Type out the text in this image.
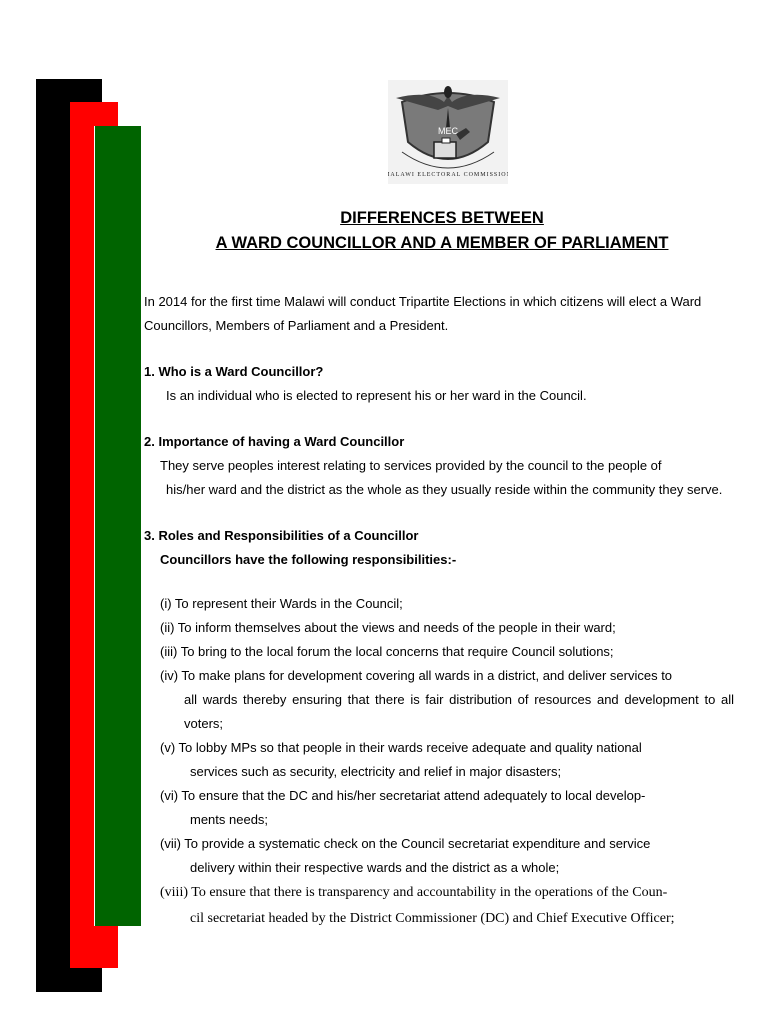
MEC
MALAWI ELECTORAL COMMISSION
DIFFERENCES BETWEEN
A WARD COUNCILLOR AND A MEMBER OF PARLIAMENT

In 2014 for the first time Malawi will conduct Tripartite Elections in which citizens will elect a Ward Councillors, Members of Parliament and a President.

1. Who is a Ward Councillor?
Is an individual who is elected to represent his or her ward in the Council.
2. Importance of having a Ward Councillor
They serve peoples interest relating to services provided by the council to the people of
his/her ward and the district as the whole as they usually reside within the community they serve.
3. Roles and Responsibilities of a Councillor
Councillors have the following responsibilities:-
(i) To represent their Wards in the Council;
(ii) To inform themselves about the views and needs of the people in their ward;
(iii) To bring to the local forum the local concerns that require Council solutions;
(iv) To make plans for development covering all wards in a district, and deliver services to
all wards thereby ensuring that there is fair distribution of resources and development to all voters;
(v) To lobby MPs so that people in their wards receive adequate and quality national
services such as security, electricity and relief in major disasters;
(vi) To ensure that the DC and his/her secretariat attend adequately to local develop-
ments needs;
(vii) To provide a systematic check on the Council secretariat expenditure and service
delivery within their respective wards and the district as a whole;
(viii) To ensure that there is transparency and accountability in the operations of the Coun-
cil secretariat headed by the District Commissioner (DC) and Chief Executive Officer;
